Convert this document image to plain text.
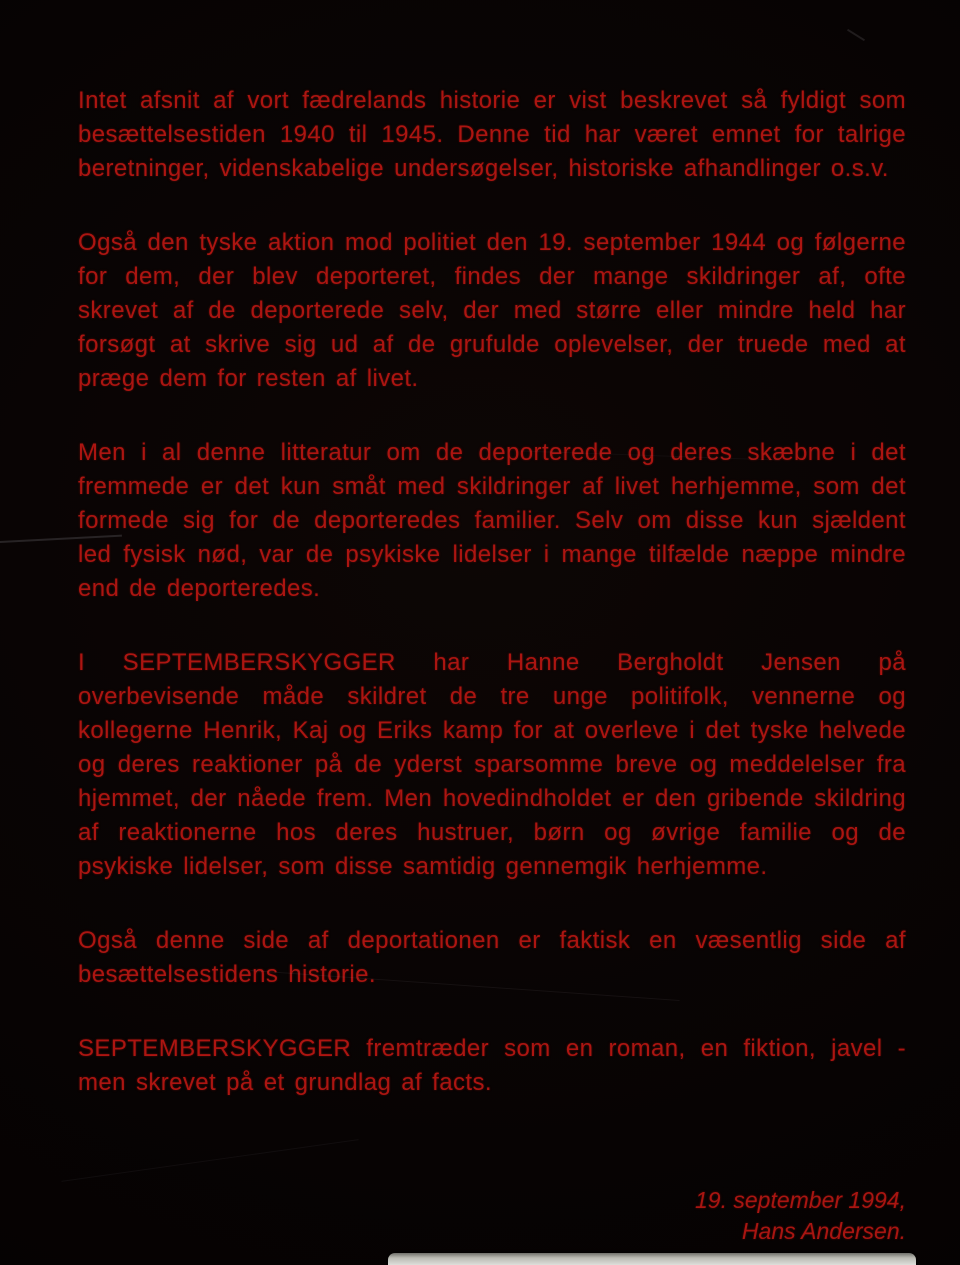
Intet afsnit af vort fædrelands historie er vist beskrevet så fyldigt som besættelsestiden 1940 til 1945. Denne tid har været emnet for talrige beretninger, videnskabelige undersøgelser, historiske afhandlinger o.s.v.

Også den tyske aktion mod politiet den 19. september 1944 og følgerne for dem, der blev deporteret, findes der mange skildringer af, ofte skrevet af de deporterede selv, der med større eller mindre held har forsøgt at skrive sig ud af de grufulde oplevelser, der truede med at præge dem for resten af livet.

Men i al denne litteratur om de deporterede og deres skæbne i det fremmede er det kun småt med skildringer af livet herhjemme, som det formede sig for de deporteredes familier. Selv om disse kun sjældent led fysisk nød, var de psykiske lidelser i mange tilfælde næppe mindre end de deporteredes.

I SEPTEMBERSKYGGER har Hanne Bergholdt Jensen på overbevisende måde skildret de tre unge politifolk, vennerne og kollegerne Henrik, Kaj og Eriks kamp for at overleve i det tyske helvede og deres reaktioner på de yderst sparsomme breve og meddelelser fra hjemmet, der nåede frem. Men hovedindholdet er den gribende skildring af reaktionerne hos deres hustruer, børn og øvrige familie og de psykiske lidelser, som disse samtidig gennemgik herhjemme.

Også denne side af deportationen er faktisk en væsentlig side af besættelsestidens historie.

SEPTEMBERSKYGGER fremtræder som en roman, en fiktion, javel - men skrevet på et grundlag af facts.

19. september 1994,
Hans Andersen.
